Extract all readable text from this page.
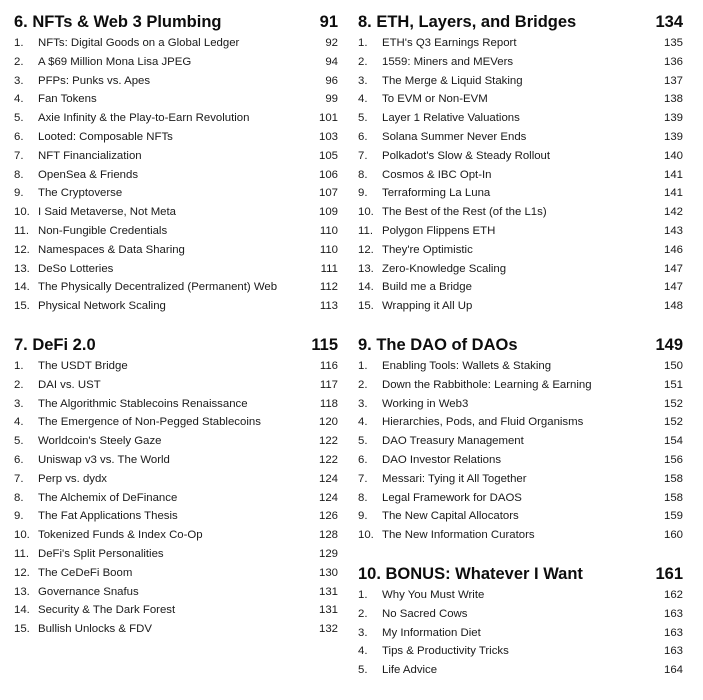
6. NFTs & Web 3 Plumbing	91
1.	NFTs: Digital Goods on a Global Ledger	92
2.	A $69 Million Mona Lisa JPEG	94
3.	PFPs: Punks vs. Apes	96
4.	Fan Tokens	99
5.	Axie Infinity & the Play-to-Earn Revolution	101
6.	Looted: Composable NFTs	103
7.	NFT Financialization	105
8.	OpenSea & Friends	106
9.	The Cryptoverse	107
10. I Said Metaverse, Not Meta	109
11. Non-Fungible Credentials	110
12. Namespaces & Data Sharing	110
13. DeSo Lotteries	111
14. The Physically Decentralized (Permanent) Web	112
15. Physical Network Scaling	113
7. DeFi 2.0	115
1.	The USDT Bridge	116
2.	DAI vs. UST	117
3.	The Algorithmic Stablecoins Renaissance	118
4.	The Emergence of Non-Pegged Stablecoins	120
5.	Worldcoin's Steely Gaze	122
6.	Uniswap v3 vs. The World	122
7.	Perp vs. dydx	124
8.	The Alchemix of DeFinance	124
9.	The Fat Applications Thesis	126
10. Tokenized Funds & Index Co-Op	128
11. DeFi's Split Personalities	129
12. The CeDeFi Boom	130
13. Governance Snafus	131
14. Security & The Dark Forest	131
15. Bullish Unlocks & FDV	132
8. ETH, Layers, and Bridges	134
1.	ETH's Q3 Earnings Report	135
2.	1559: Miners and MEVers	136
3.	The Merge & Liquid Staking	137
4.	To EVM or Non-EVM	138
5.	Layer 1 Relative Valuations	139
6.	Solana Summer Never Ends	139
7.	Polkadot's Slow & Steady Rollout	140
8.	Cosmos & IBC Opt-In	141
9.	Terraforming La Luna	141
10. The Best of the Rest (of the L1s)	142
11. Polygon Flippens ETH	143
12. They're Optimistic	146
13. Zero-Knowledge Scaling	147
14. Build me a Bridge	147
15. Wrapping it All Up	148
9. The DAO of DAOs	149
1.	Enabling Tools: Wallets & Staking	150
2.	Down the Rabbithole: Learning & Earning	151
3.	Working in Web3	152
4.	Hierarchies, Pods, and Fluid Organisms	152
5.	DAO Treasury Management	154
6.	DAO Investor Relations	156
7.	Messari: Tying it All Together	158
8.	Legal Framework for DAOS	158
9.	The New Capital Allocators	159
10. The New Information Curators	160
10. BONUS: Whatever I Want	161
1.	Why You Must Write	162
2.	No Sacred Cows	163
3.	My Information Diet	163
4.	Tips & Productivity Tricks	163
5.	Life Advice	164
